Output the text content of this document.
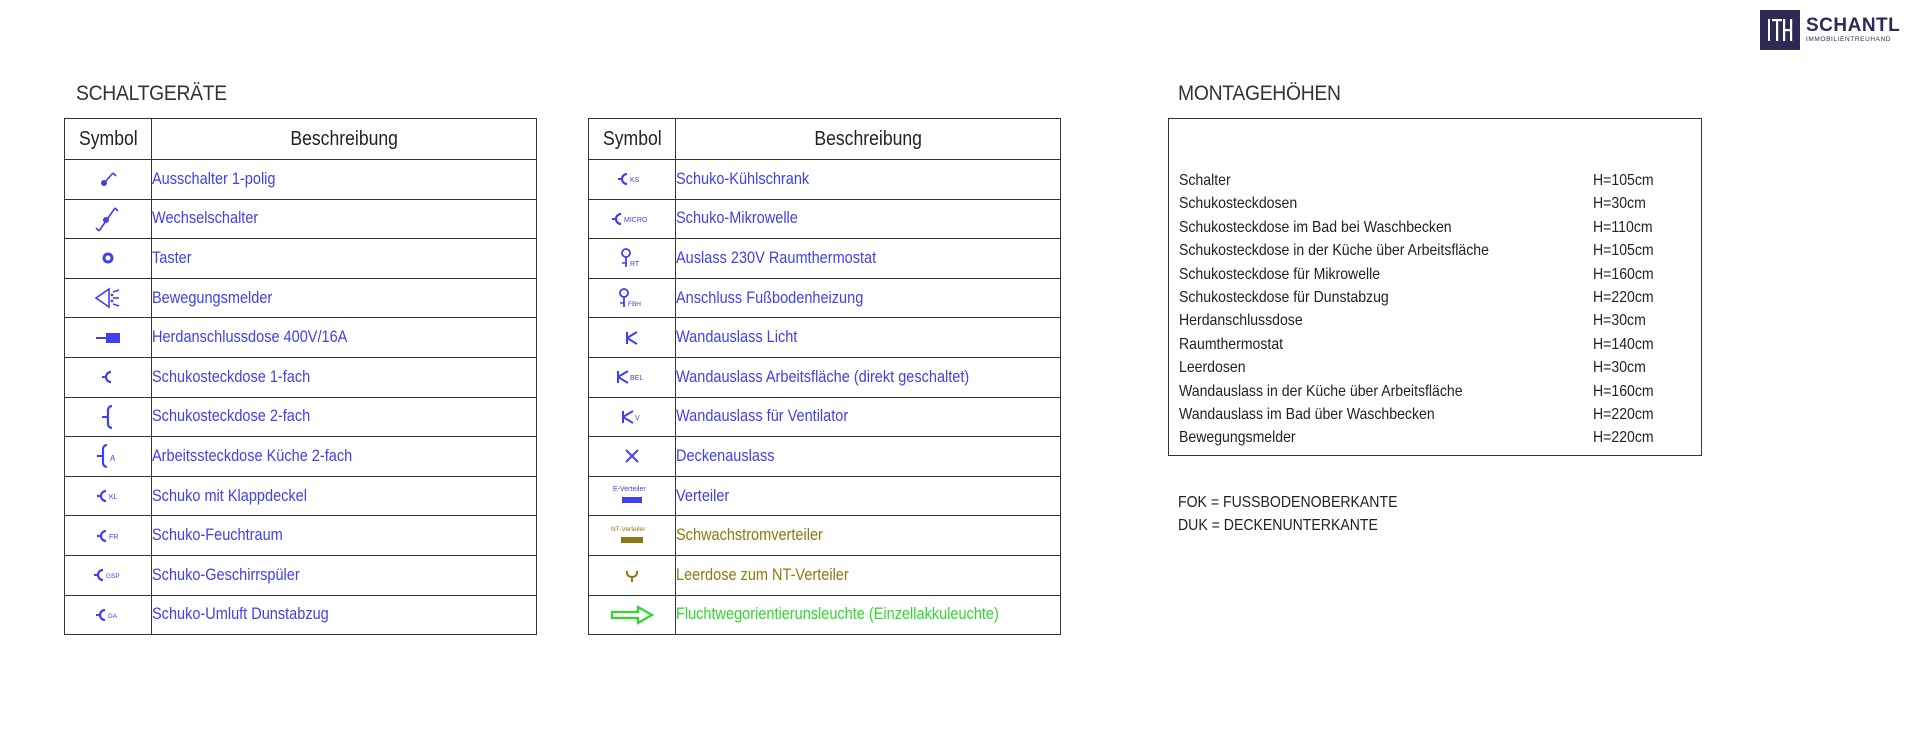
SCHANTL
IMMOBILIENTREUHAND
SCHALTGERÄTE	MONTAGEHÖHEN
Symbol	Beschreibung

	Ausschalter 1-polig

	Wechselschalter

	Taster

	Bewegungsmelder

	Herdanschlussdose 400V/16A

	Schukosteckdose 1-fach

	Schukosteckdose 2-fach

A	Arbeitssteckdose Küche 2-fach

KL	Schuko mit Klappdeckel

FR	Schuko-Feuchtraum

GSP	Schuko-Geschirrspüler

DA	Schuko-Umluft Dunstabzug
Symbol	Beschreibung

KS	Schuko-Kühlschrank

MICRO	Schuko-Mikrowelle

RT	Auslass 230V Raumthermostat

FBH	Anschluss Fußbodenheizung

	Wandauslass Licht

BEL	Wandauslass Arbeitsfläche (direkt geschaltet)

V	Wandauslass für Ventilator

	Deckenauslass

E-Verteiler	Verteiler

NT-Verteiler	Schwachstromverteiler

	Leerdose zum NT-Verteiler

	Fluchtwegorientierunsleuchte (Einzellakkuleuchte)
Schalter	H=105cm
Schukosteckdosen	H=30cm
Schukosteckdose im Bad bei Waschbecken	H=110cm
Schukosteckdose in der Küche über Arbeitsfläche	H=105cm
Schukosteckdose für Mikrowelle	H=160cm
Schukosteckdose für Dunstabzug	H=220cm
Herdanschlussdose	H=30cm
Raumthermostat	H=140cm
Leerdosen	H=30cm
Wandauslass in der Küche über Arbeitsfläche	H=160cm
Wandauslass im Bad über Waschbecken	H=220cm
Bewegungsmelder	H=220cm
FOK = FUSSBODENOBERKANTE
DUK = DECKENUNTERKANTE
